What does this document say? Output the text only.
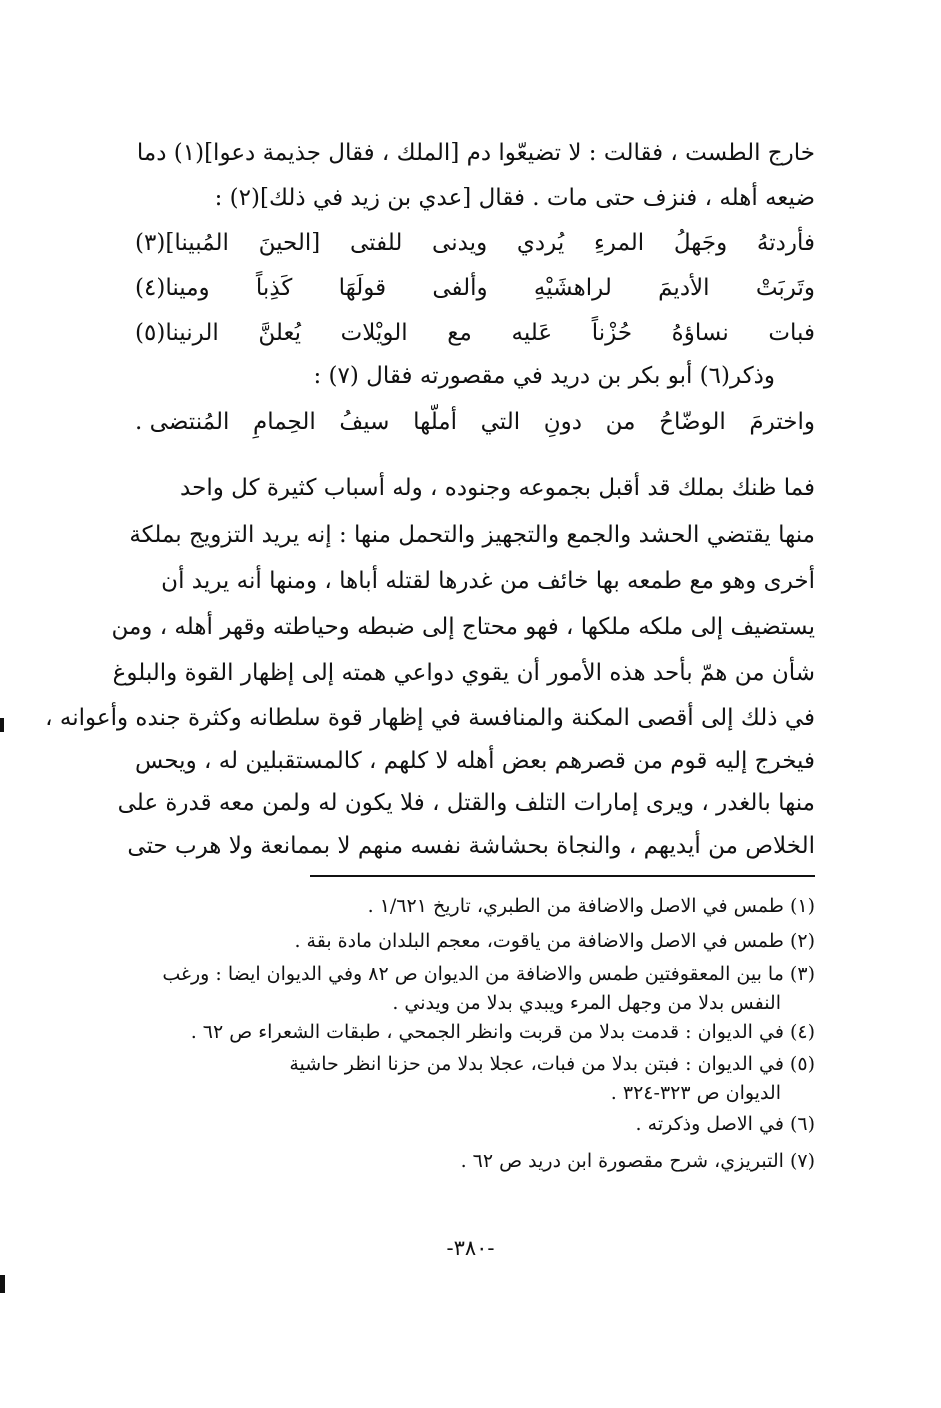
خارج الطست ، فقالت : لا تضيعّوا دم [الملك ، فقال جذيمة دعوا](١) دما
ضيعه أهله ، فنزف حتى مات . فقال [عدي بن زيد في ذلك](٢) :
فأردتهُ
وجَهلُ
المرءِ
يُردي
ويدنى
للفتى
[الحينَ
المُبينا](٣)
وتَربَتْ
الأديمَ
لراهشَيْهِ
وألفى
قولَهَا
كَذِباً
ومينا(٤)
فبات
نساؤهُ
حُزْناً
عَليه
مع
الويْلات
يُعلنَّ
الرنينا(٥)
وذكر(٦) أبو بكر بن دريد في مقصورته فقال (٧) :
واخترمَ
الوضّاحُ
من
دونِ
التي
أملّها
سيفُ
الحِمامِ
المُنتضى .
فما ظنك بملك قد أقبل بجموعه وجنوده ، وله أسباب كثيرة كل واحد
منها يقتضي الحشد والجمع والتجهيز والتحمل منها : إنه يريد التزويج بملكة
أخرى وهو مع طمعه بها خائف من غدرها لقتله أباها ، ومنها أنه يريد أن
يستضيف إلى ملكه ملكها ، فهو محتاج إلى ضبطه وحياطته وقهر أهله ، ومن
شأن من همّ بأحد هذه الأمور أن يقوي دواعي همته إلى إظهار القوة والبلوغ
في ذلك إلى أقصى المكنة والمنافسة في إظهار قوة سلطانه وكثرة جنده وأعوانه ،
فيخرج إليه قوم من قصرهم بعض أهله لا كلهم ، كالمستقبلين له ، ويحس
منها بالغدر ، ويرى إمارات التلف والقتل ، فلا يكون له ولمن معه قدرة على
الخلاص من أيديهم ، والنجاة بحشاشة نفسه منهم لا بممانعة ولا هرب حتى
(١) طمس في الاصل والاضافة من الطبري، تاريخ ١/٦٢١ .
(٢) طمس في الاصل والاضافة من ياقوت، معجم البلدان مادة بقة .
(٣) ما بين المعقوفتين طمس والاضافة من الديوان ص ٨٢ وفي الديوان ايضا : ورغب
النفس بدلا من وجهل المرء ويبدي بدلا من ويدني .
(٤) في الديوان : قدمت بدلا من قربت وانظر الجمحي ، طبقات الشعراء ص ٦٢ .
(٥) في الديوان : فبتن بدلا من فبات، عجلا بدلا من حزنا انظر حاشية
الديوان ص ٣٢٣-٣٢٤ .
(٦) في الاصل وذكرته .
(٧) التبريزي، شرح مقصورة ابن دريد ص ٦٢ .
-٣٨٠-
